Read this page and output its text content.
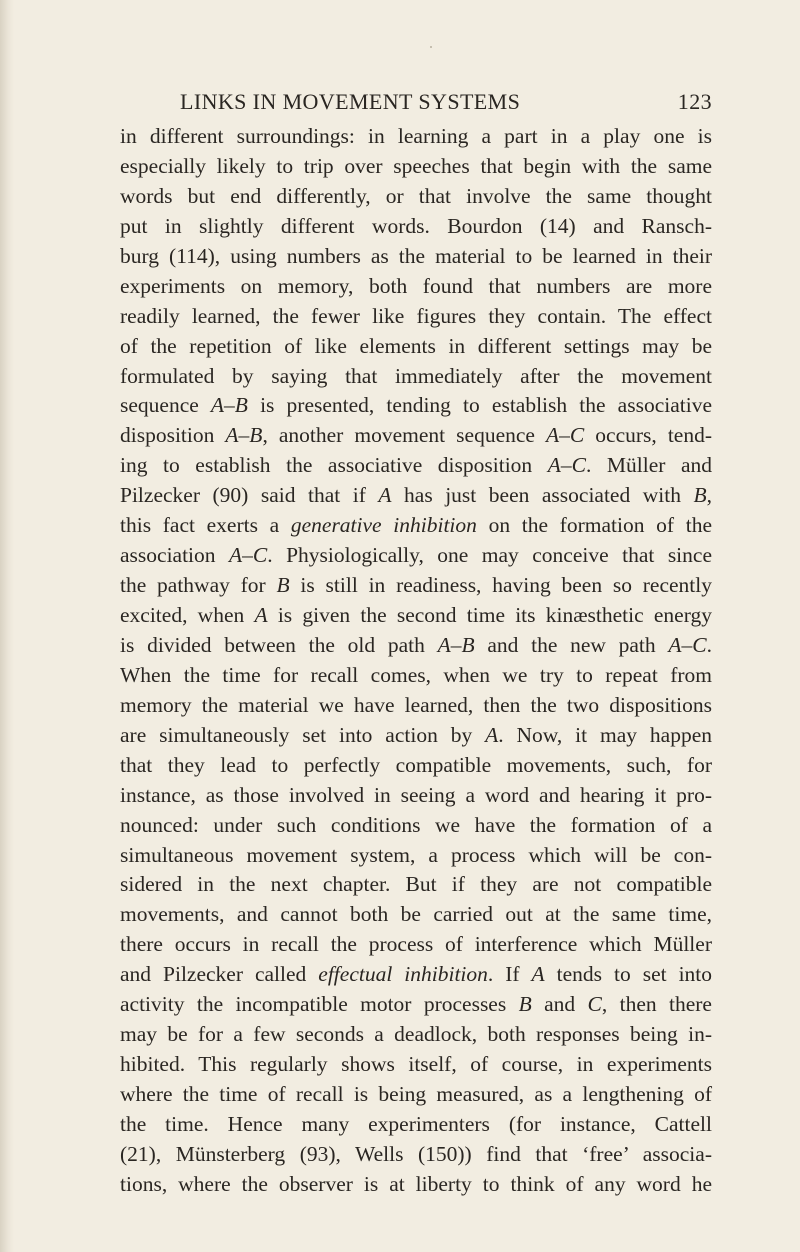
LINKS IN MOVEMENT SYSTEMS	123
in different surroundings: in learning a part in a play one is
especially likely to trip over speeches that begin with the same
words but end differently, or that involve the same thought
put in slightly different words. Bourdon (14) and Ransch-
burg (114), using numbers as the material to be learned in their
experiments on memory, both found that numbers are more
readily learned, the fewer like figures they contain. The effect
of the repetition of like elements in different settings may be
formulated by saying that immediately after the movement
sequence A–B is presented, tending to establish the associative
disposition A–B, another movement sequence A–C occurs, tend-
ing to establish the associative disposition A–C. Müller and
Pilzecker (90) said that if A has just been associated with B,
this fact exerts a generative inhibition on the formation of the
association A–C. Physiologically, one may conceive that since
the pathway for B is still in readiness, having been so recently
excited, when A is given the second time its kinæsthetic energy
is divided between the old path A–B and the new path A–C.
When the time for recall comes, when we try to repeat from
memory the material we have learned, then the two dispositions
are simultaneously set into action by A. Now, it may happen
that they lead to perfectly compatible movements, such, for
instance, as those involved in seeing a word and hearing it pro-
nounced: under such conditions we have the formation of a
simultaneous movement system, a process which will be con-
sidered in the next chapter. But if they are not compatible
movements, and cannot both be carried out at the same time,
there occurs in recall the process of interference which Müller
and Pilzecker called effectual inhibition. If A tends to set into
activity the incompatible motor processes B and C, then there
may be for a few seconds a deadlock, both responses being in-
hibited. This regularly shows itself, of course, in experiments
where the time of recall is being measured, as a lengthening of
the time. Hence many experimenters (for instance, Cattell
(21), Münsterberg (93), Wells (150)) find that ‘free’ associa-
tions, where the observer is at liberty to think of any word he
